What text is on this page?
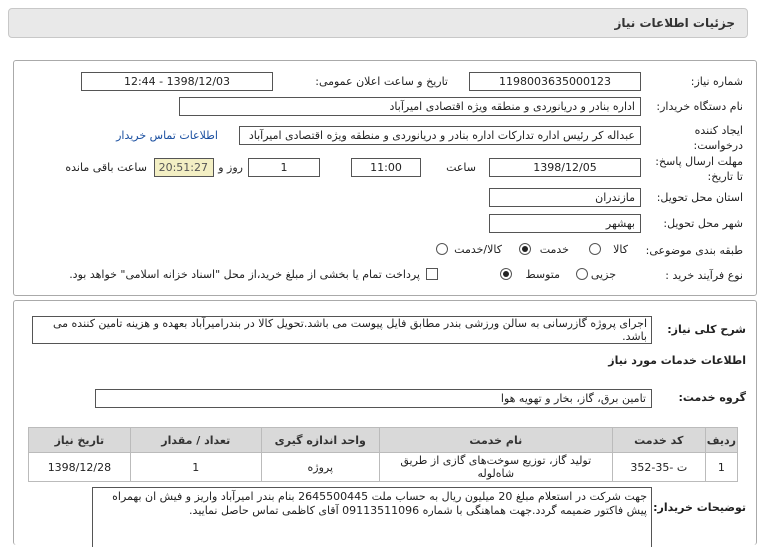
جزئیات اطلاعات نیاز
شماره نیاز:
1198003635000123
تاریخ و ساعت اعلان عمومی:
1398/12/03 - 12:44
نام دستگاه خریدار:
اداره بنادر و دریانوردی و منطقه ویژه اقتصادی امیرآباد
ایجاد کننده درخواست:
عبداله کر رئیس اداره تدارکات اداره بنادر و دریانوردی و منطقه ویژه اقتصادی امیرآباد
اطلاعات تماس خریدار
مهلت ارسال پاسخ: تا تاریخ:
1398/12/05
ساعت
11:00
1
روز و
20:51:27
ساعت باقی مانده
استان محل تحویل:
مازندران
شهر محل تحویل:
بهشهر
طبقه بندی موضوعی:
کالا
خدمت
کالا/خدمت
نوع فرآیند خرید :
جزیی
متوسط
پرداخت تمام یا بخشی از مبلغ خرید،از محل "اسناد خزانه اسلامی" خواهد بود.
شرح کلی نیاز:
اجرای پروژه گازرسانی به سالن ورزشی بندر مطابق فایل پیوست می باشد.تحویل کالا در بندرامیرآباد بعهده و هزینه تامین کننده می باشد.
اطلاعات خدمات مورد نیاز
گروه خدمت:
تامین برق، گاز، بخار و تهویه هوا
ردیف	کد خدمت	نام خدمت	واحد اندازه گیری	تعداد / مقدار	تاریخ نیاز
1	ت -35-352	تولید گاز، توزیع سوخت‌های گازی از طریق شاه‌لوله	پروژه	1	1398/12/28
توضیحات خریدار:
جهت شرکت در استعلام مبلغ 20 میلیون ریال به حساب ملت 2645500445 بنام بندر امیرآباد واریز و فیش ان بهمراه پیش فاکتور ضمیمه گردد.جهت هماهنگی با شماره 09113511096 آقای کاظمی تماس حاصل نمایید.
